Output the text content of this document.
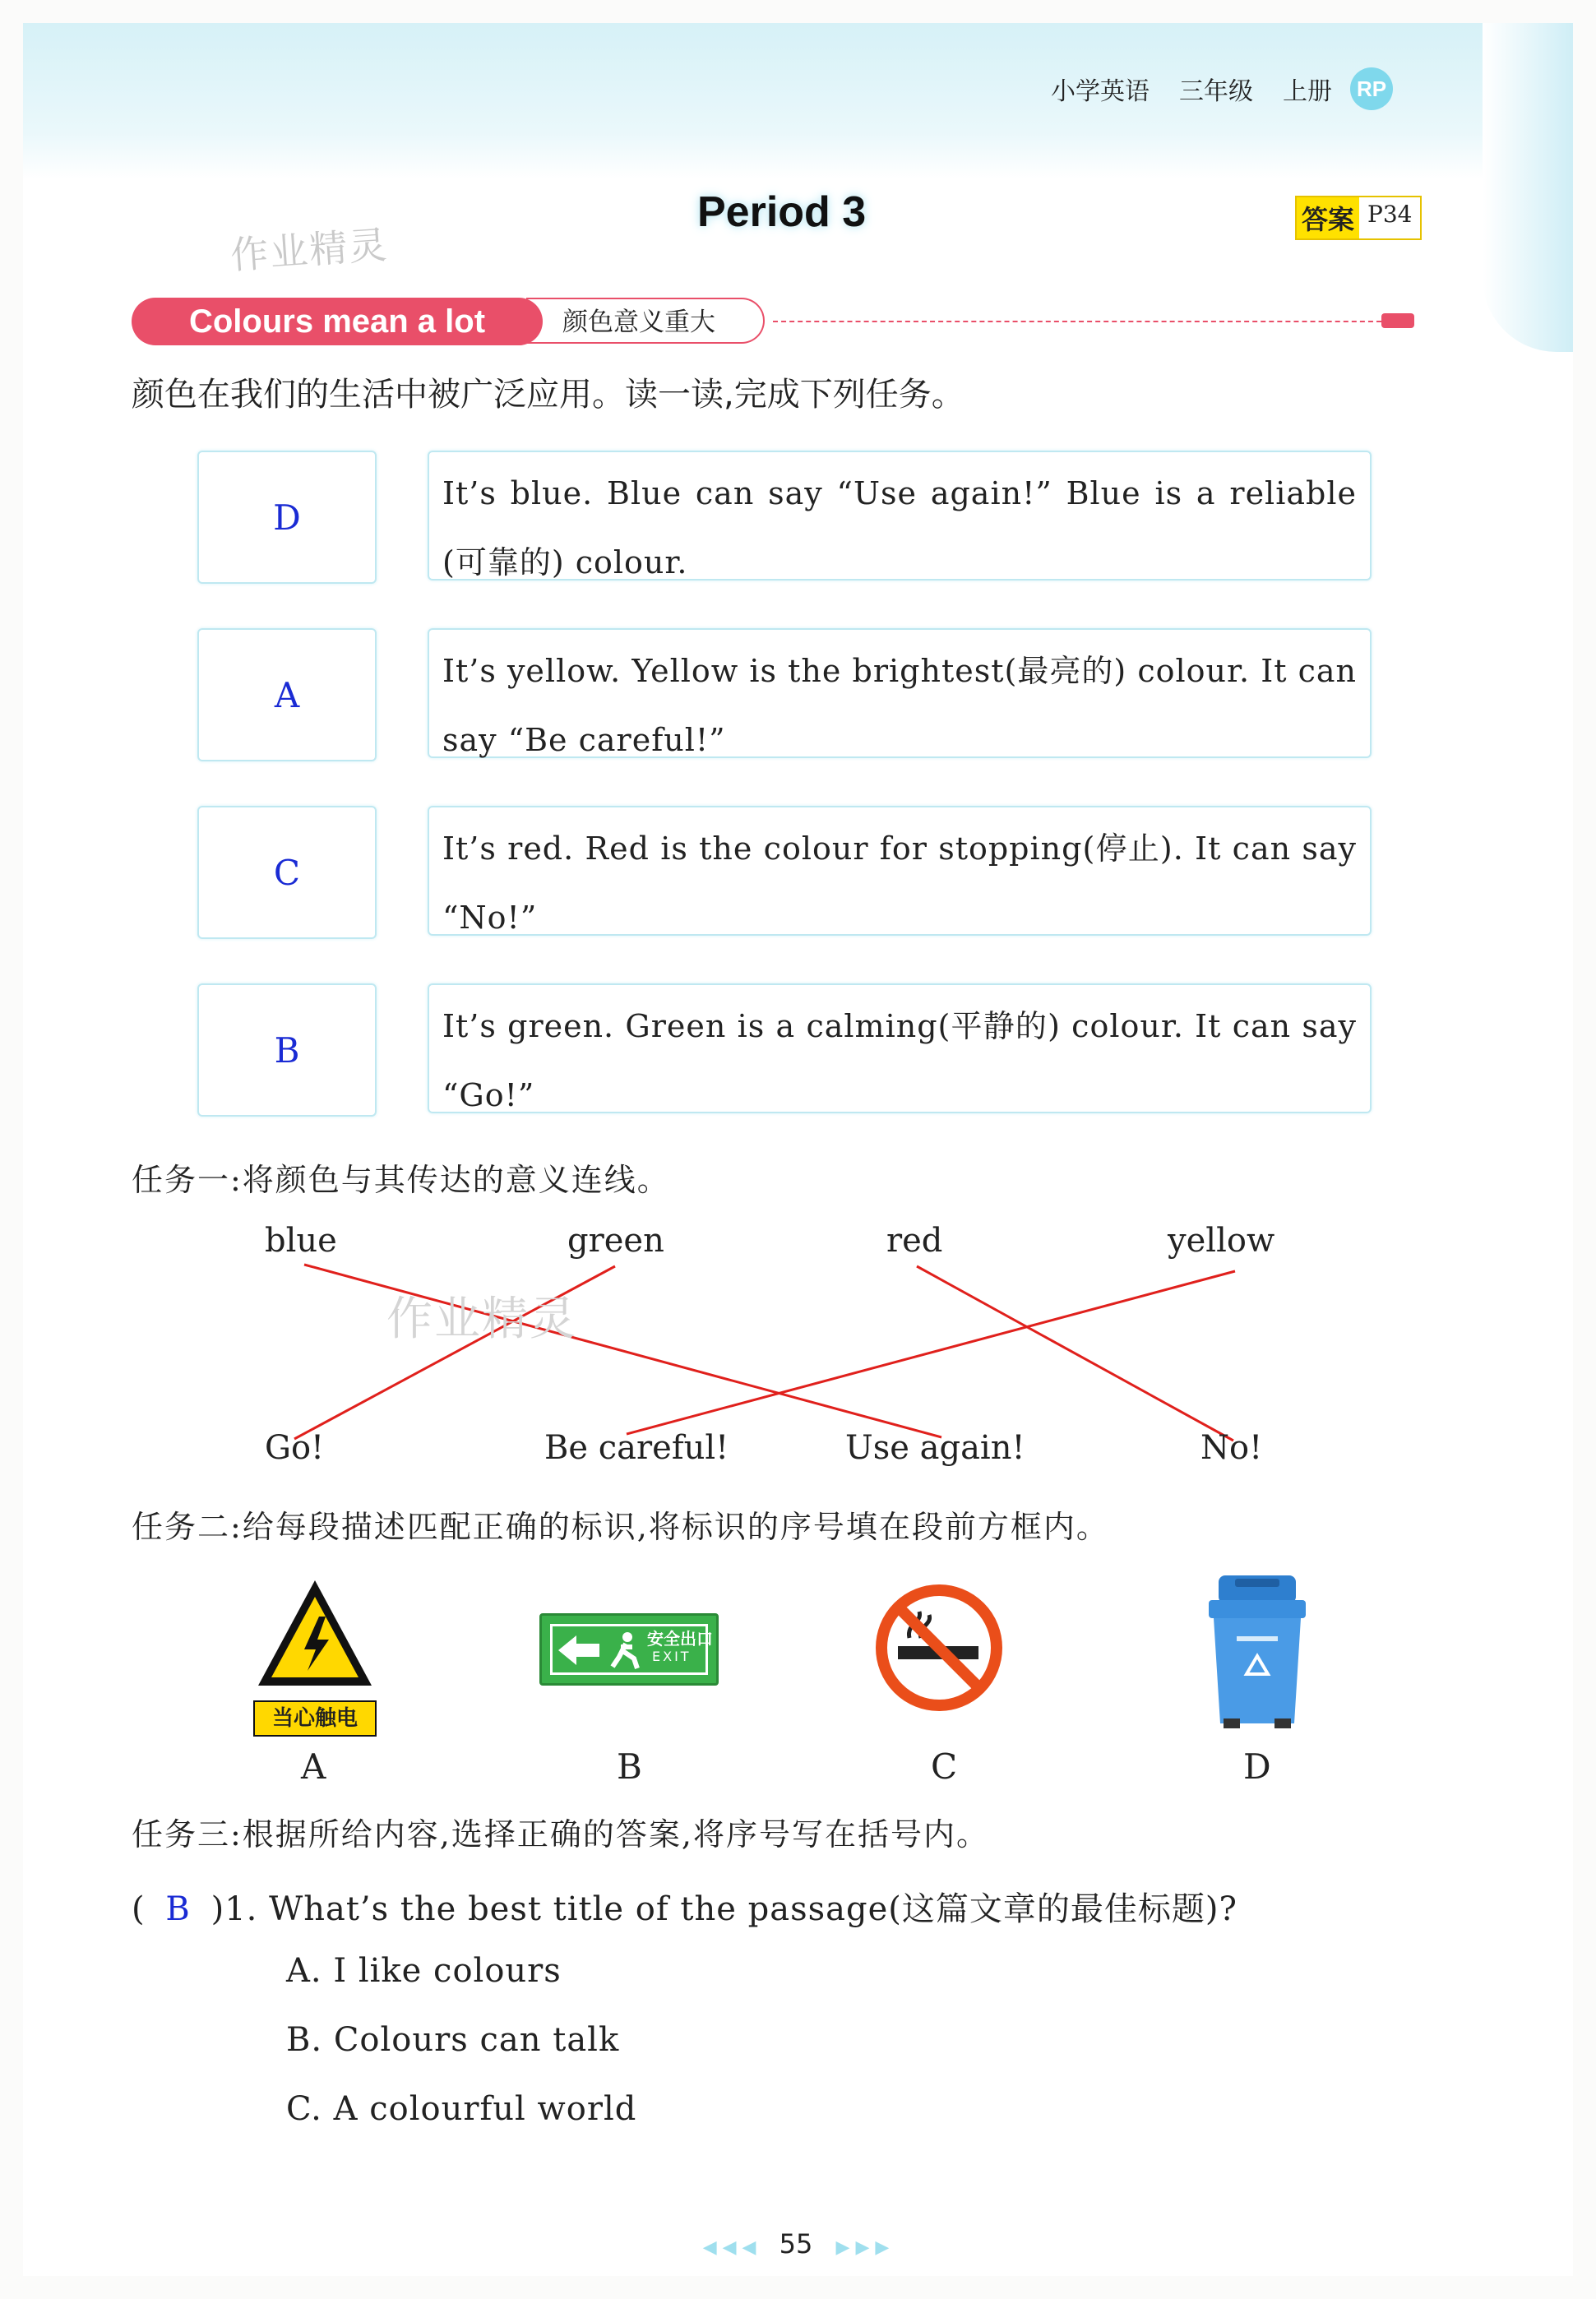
小学英语 三年级 上册	RP
作业精灵
Period 3	答案 P34
颜色意义重大
Colours mean a lot
颜色在我们的生活中被广泛应用。读一读,完成下列任务。
D
It’s blue. Blue can say “Use again!” Blue is a reliable (可靠的) colour.
A
It’s yellow. Yellow is the brightest(最亮的) colour. It can say “Be careful!”
C
It’s red. Red is the colour for stopping(停止). It can say “No!”
B
It’s green. Green is a calming(平静的) colour. It can say “Go!”
任务一:将颜色与其传达的意义连线。
blue	green	red	yellow
作业精灵
Go!	Be careful!	Use again!	No!
任务二:给每段描述匹配正确的标识,将标识的序号填在段前方框内。
当心触电
安全出口
EXIT
A	B	C	D
任务三:根据所给内容,选择正确的答案,将序号写在括号内。
( B )1. What’s the best title of the passage(这篇文章的最佳标题)?
A. I like colours
B. Colours can talk
C. A colourful world
◀ ◀ ◀ 55 ▶ ▶ ▶
